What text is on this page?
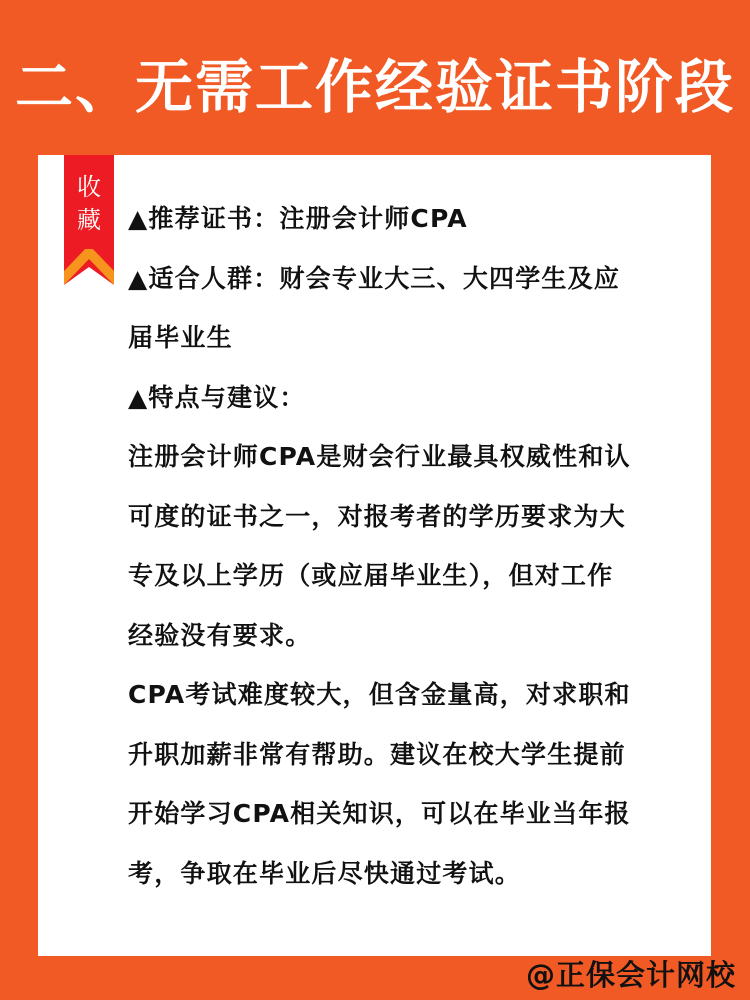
二、无需工作经验证书阶段
收
藏	▲推荐证书：注册会计师CPA
▲适合人群：财会专业大三、大四学生及应
届毕业生
▲特点与建议：
注册会计师CPA是财会行业最具权威性和认
可度的证书之一，对报考者的学历要求为大
专及以上学历（或应届毕业生），但对工作
经验没有要求。
CPA考试难度较大，但含金量高，对求职和
升职加薪非常有帮助。建议在校大学生提前
开始学习CPA相关知识，可以在毕业当年报
考，争取在毕业后尽快通过考试。
@正保会计网校
